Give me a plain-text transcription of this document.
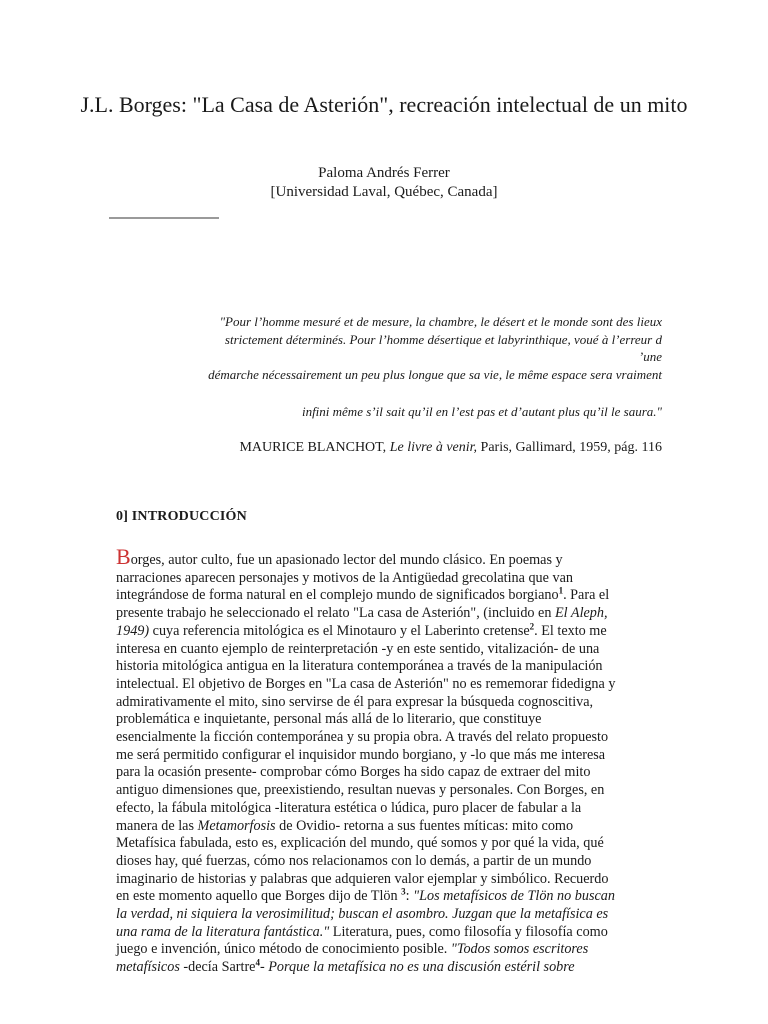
J.L. Borges: "La Casa de Asterión", recreación intelectual de un mito
Paloma Andrés Ferrer
[Universidad Laval, Québec, Canada]
"Pour l’homme mesuré et de mesure, la chambre, le désert et le monde sont des lieux
strictement déterminés. Pour l’homme désertique et labyrinthique, voué à l’erreur d
’une
démarche nécessairement un peu plus longue que sa vie, le même espace sera vraiment
infini même s’il sait qu’il en l’est pas et d’autant plus qu’il le saura."
MAURICE BLANCHOT, Le livre à venir, Paris, Gallimard, 1959, pág. 116
0] INTRODUCCIÓN
Borges, autor culto, fue un apasionado lector del mundo clásico. En poemas y
narraciones aparecen personajes y motivos de la Antigüedad grecolatina que van
integrándose de forma natural en el complejo mundo de significados borgiano$^1$. Para el
presente trabajo he seleccionado el relato "La casa de Asterión", (incluido en El Aleph,
1949) cuya referencia mitológica es el Minotauro y el Laberinto cretense$^2$. El texto me
interesa en cuanto ejemplo de reinterpretación -y en este sentido, vitalización- de una
historia mitológica antigua en la literatura contemporánea a través de la manipulación
intelectual. El objetivo de Borges en "La casa de Asterión" no es rememorar fidedigna y
admirativamente el mito, sino servirse de él para expresar la búsqueda cognoscitiva,
problemática e inquietante, personal más allá de lo literario, que constituye
esencialmente la ficción contemporánea y su propia obra. A través del relato propuesto
me será permitido configurar el inquisidor mundo borgiano, y -lo que más me interesa
para la ocasión presente- comprobar cómo Borges ha sido capaz de extraer del mito
antiguo dimensiones que, preexistiendo, resultan nuevas y personales. Con Borges, en
efecto, la fábula mitológica -literatura estética o lúdica, puro placer de fabular a la
manera de las Metamorfosis de Ovidio- retorna a sus fuentes míticas: mito como
Metafísica fabulada, esto es, explicación del mundo, qué somos y por qué la vida, qué
dioses hay, qué fuerzas, cómo nos relacionamos con lo demás, a partir de un mundo
imaginario de historias y palabras que adquieren valor ejemplar y simbólico. Recuerdo
en este momento aquello que Borges dijo de Tlön $^3$: "Los metafísicos de Tlön no buscan
la verdad, ni siquiera la verosimilitud; buscan el asombro. Juzgan que la metafísica es
una rama de la literatura fantástica." Literatura, pues, como filosofía y filosofía como
juego e invención, único método de conocimiento posible. "Todos somos escritores
metafísicos -decía Sartre$^4$- Porque la metafísica no es una discusión estéril sobre
